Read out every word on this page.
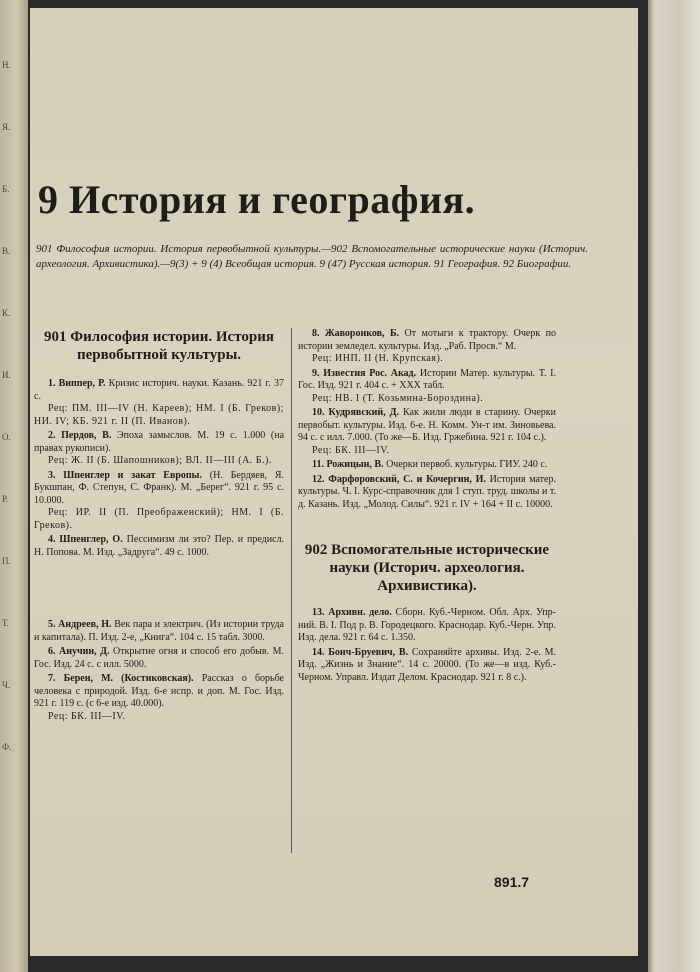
Н.
Я.
Б.
В.
К.
И.
О.
Р.
П.
Т.
Ч.
Ф.
9 История и география.
901 Философия истории. История первобытной культуры.—902 Вспомогательные исторические науки (Историч. археология. Архивистика).—9(3) + 9 (4) Всеобщая история. 9 (47) Русская история. 91 География. 92 Биографии.
901 Философия истории. История первобытной культуры.
1. Виппер, Р. Кризис историч. науки. Казань. 921 г. 37 с.
Рец: ПМ. III—IV (Н. Кареев); НМ. I (Б. Греков); НИ. IV; КБ. 921 г. II (П. Иванов).
2. Пердов, В. Эпоха замыслов. М. 19 с. 1.000 (на правах рукописи).
Рец: Ж. II (Б. Шапошников); ВЛ. II—III (А. Б.).
3. Шпенглер и закат Европы. (Н. Бердяев, Я. Букшпан, Ф. Степун, С. Франк). М. „Берег“. 921 г. 95 с. 10.000.
Рец: ИР. II (П. Преображенский); НМ. I (Б. Греков).
4. Шпенглер, О. Пессимизм ли это? Пер. и предисл. Н. Попова. М. Изд. „Задруга“. 49 с. 1000.
5. Андреев, Н. Век пара и электрич. (Из истории труда и капитала). П. Изд. 2-е, „Книга“. 104 с. 15 табл. 3000.
6. Анучин, Д. Открытие огня и способ его добыв. М. Гос. Изд. 24 с. с илл. 5000.
7. Берен, М. (Костиковская). Рассказ о борьбе человека с природой. Изд. 6-е испр. и доп. М. Гос. Изд. 921 г. 119 с. (с 6-е изд. 40.000).
Рец: БК. III—IV.
8. Жаворонков, Б. От мотыги к трактору. Очерк по истории земледел. культуры. Изд. „Раб. Просв.“ М.
Рец: ИНП. II (Н. Крупская).
9. Известия Рос. Акад. Истории Матер. культуры. Т. I. Гос. Изд. 921 г. 404 с. + XXX табл.
Рец: НВ. I (Т. Козьмина-Бороздина).
10. Кудрявский, Д. Как жили люди в старину. Очерки первобыт. культуры. Изд. 6-е. Н. Комм. Ун-т им. Зиновьева. 94 с. с илл. 7.000. (То же—Б. Изд. Гржебина. 921 г. 104 с.).
Рец: БК. III—IV.
11. Рожицын, В. Очерки первоб. культуры. ГИУ. 240 с.
12. Фарфоровский, С. и Кочергин, И. История матер. культуры. Ч. I. Курс-справочник для 1 ступ. труд. школы и т. д. Казань. Изд. „Молод. Силы“. 921 г. IV + 164 + II с. 10000.
902 Вспомогательные исторические науки (Историч. археология. Архивистика).
13. Архивн. дело. Сборн. Куб.-Черном. Обл. Арх. Упр-ний. В. I. Под р. В. Городецкого. Краснодар. Куб.-Черн. Упр. Изд. дела. 921 г. 64 с. 1.350.
14. Бонч-Бруевич, В. Сохраняйте архивы. Изд. 2-е. М. Изд. „Жизнь и Знание“. 14 с. 20000. (То же—в изд. Куб.-Черном. Управл. Издат Делом. Краснодар. 921 г. 8 с.).
891.7
